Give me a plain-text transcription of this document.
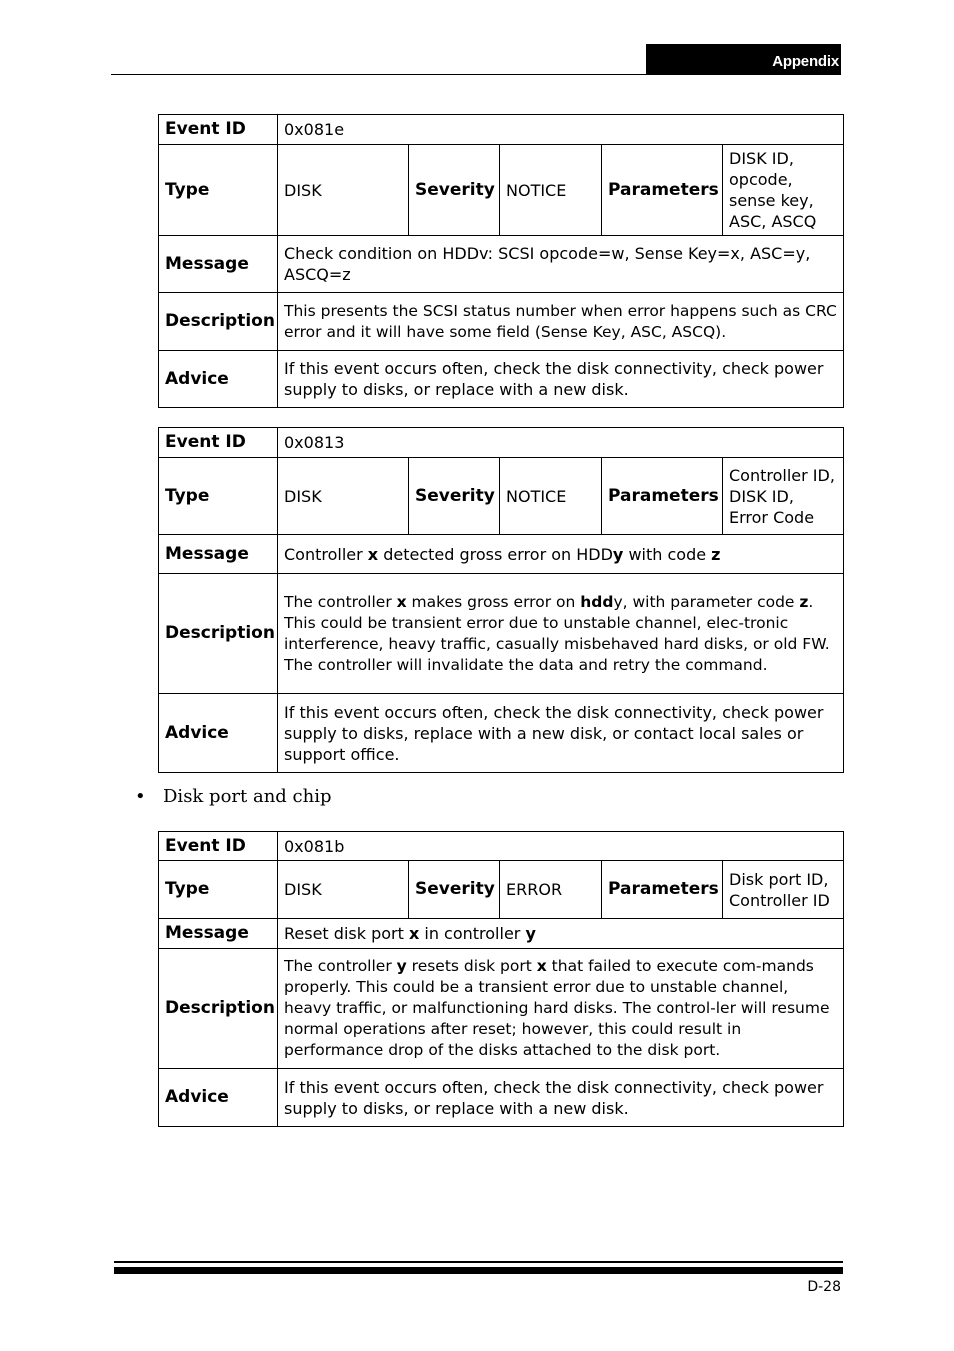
Appendix
Event ID	0x081e				
Type	DISK	Severity	NOTICE	Parameters	DISK ID, opcode, sense key, ASC, ASCQ
Message	Check condition on HDDv: SCSI opcode=w, Sense Key=x, ASC=y, ASCQ=z				
Description	This presents the SCSI status number when error happens such as CRC error and it will have some field (Sense Key, ASC, ASCQ).				
Advice	If this event occurs often, check the disk connectivity, check power supply to disks, or replace with a new disk.				
Event ID	0x0813				
Type	DISK	Severity	NOTICE	Parameters	Controller ID, DISK ID, Error Code
Message	Controller x detected gross error on HDDy with code z				
Description	The controller x makes gross error on hddy, with parameter code z. This could be transient error due to unstable channel, elec-tronic interference, heavy traffic, casually misbehaved hard disks, or old FW. The controller will invalidate the data and retry the command.				
Advice	If this event occurs often, check the disk connectivity, check power supply to disks, replace with a new disk, or contact local sales or support office.				
• Disk port and chip
Event ID	0x081b				
Type	DISK	Severity	ERROR	Parameters	Disk port ID, Controller ID
Message	Reset disk port x in controller y				
Description	The controller y resets disk port x that failed to execute com-mands properly. This could be a transient error due to unstable channel, heavy traffic, or malfunctioning hard disks. The control-ler will resume normal operations after reset; however, this could result in performance drop of the disks attached to the disk port.				
Advice	If this event occurs often, check the disk connectivity, check power supply to disks, or replace with a new disk.				
D-28
